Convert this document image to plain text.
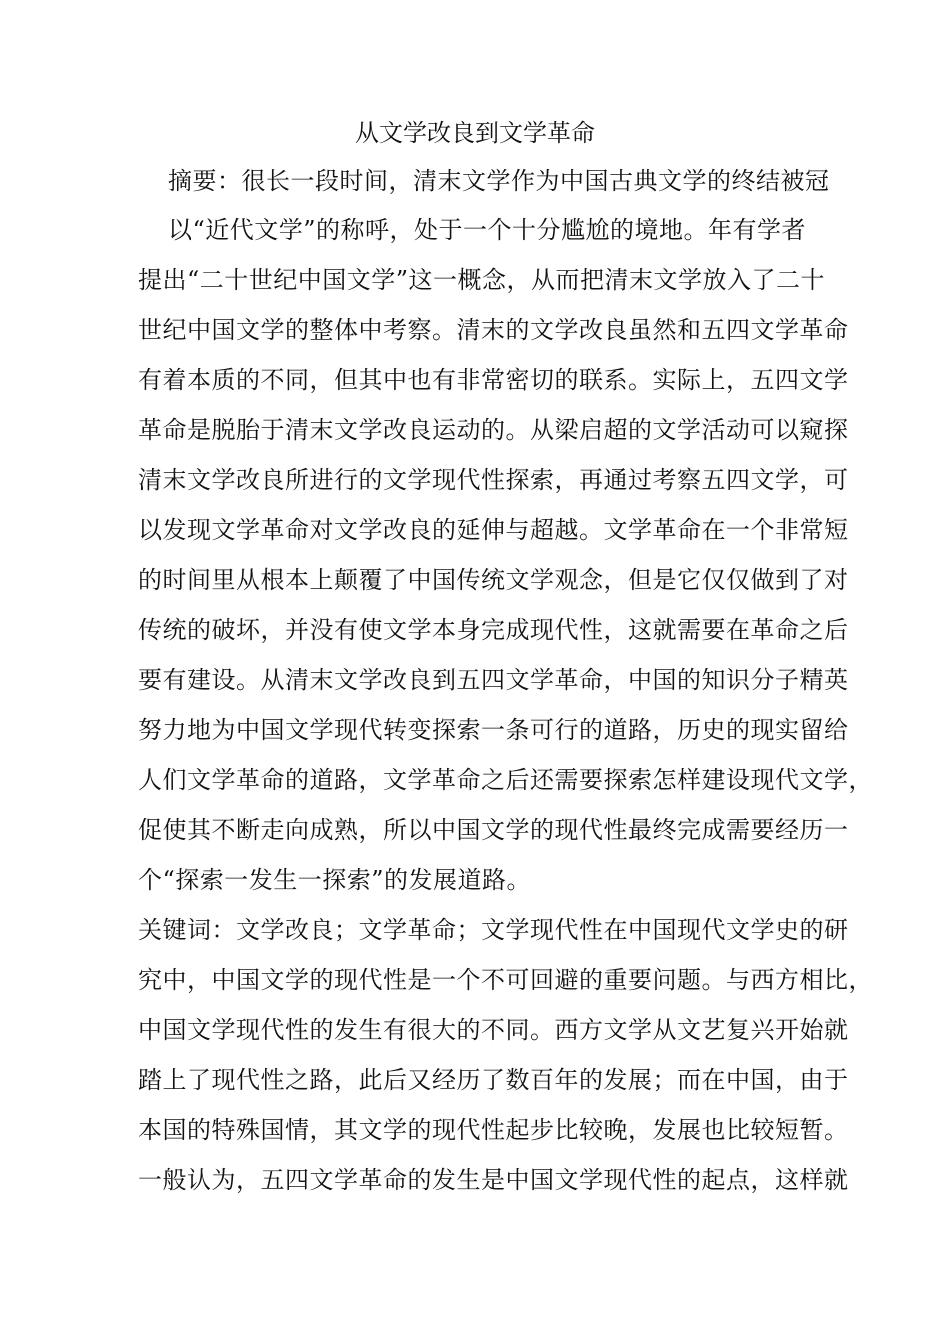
从文学改良到文学革命
摘要：很长一段时间，清末文学作为中国古典文学的终结被冠
以“近代文学”的称呼，处于一个十分尴尬的境地。年有学者
提出“二十世纪中国文学”这一概念，从而把清末文学放入了二十
世纪中国文学的整体中考察。清末的文学改良虽然和五四文学革命
有着本质的不同，但其中也有非常密切的联系。实际上，五四文学
革命是脱胎于清末文学改良运动的。从梁启超的文学活动可以窥探
清末文学改良所进行的文学现代性探索，再通过考察五四文学，可
以发现文学革命对文学改良的延伸与超越。文学革命在一个非常短
的时间里从根本上颠覆了中国传统文学观念，但是它仅仅做到了对
传统的破坏，并没有使文学本身完成现代性，这就需要在革命之后
要有建设。从清末文学改良到五四文学革命，中国的知识分子精英
努力地为中国文学现代转变探索一条可行的道路，历史的现实留给
人们文学革命的道路，文学革命之后还需要探索怎样建设现代文学，
促使其不断走向成熟，所以中国文学的现代性最终完成需要经历一
个“探索一发生一探索”的发展道路。
关键词：文学改良；文学革命；文学现代性在中国现代文学史的研
究中，中国文学的现代性是一个不可回避的重要问题。与西方相比，
中国文学现代性的发生有很大的不同。西方文学从文艺复兴开始就
踏上了现代性之路，此后又经历了数百年的发展；而在中国，由于
本国的特殊国情，其文学的现代性起步比较晚，发展也比较短暂。
一般认为，五四文学革命的发生是中国文学现代性的起点，这样就
